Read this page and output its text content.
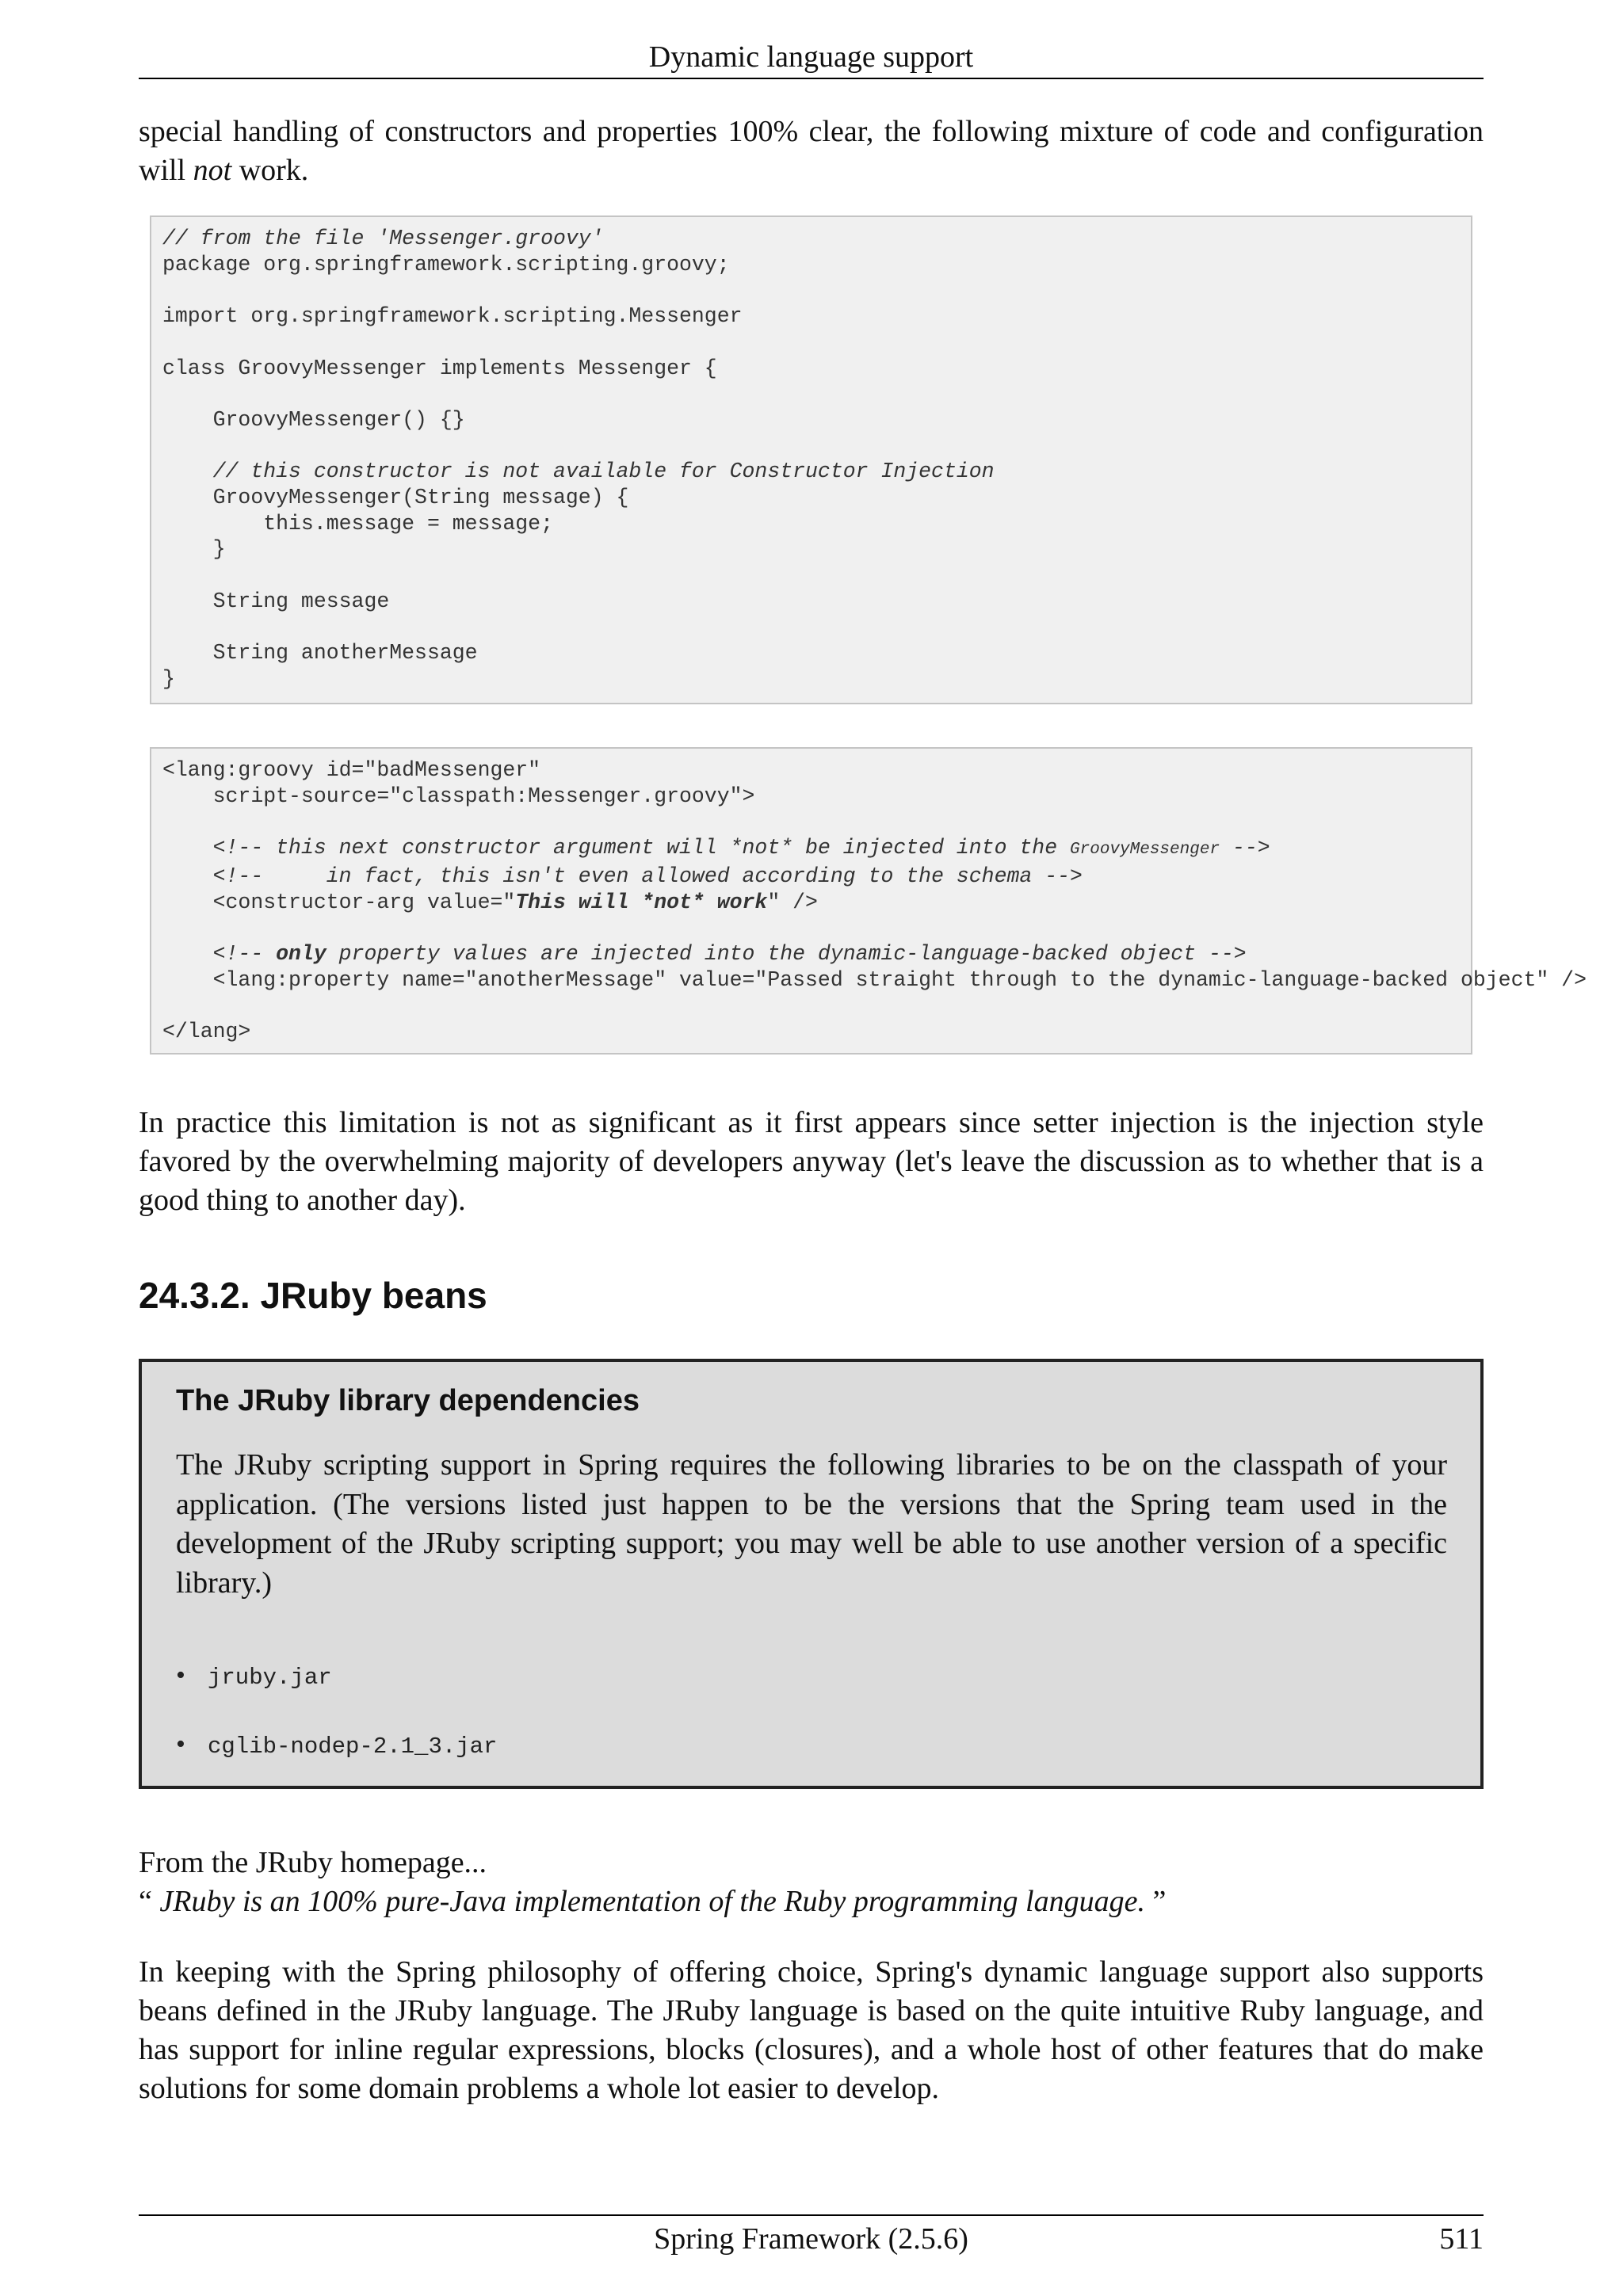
Dynamic language support

special handling of constructors and properties 100% clear, the following mixture of code and configuration will not work.

// from the file 'Messenger.groovy'
package org.springframework.scripting.groovy;

import org.springframework.scripting.Messenger

class GroovyMessenger implements Messenger {

GroovyMessenger() {}

// this constructor is not available for Constructor Injection
GroovyMessenger(String message) {
this.message = message;
}

String message

String anotherMessage
}
<lang:groovy id="badMessenger"
script-source="classpath:Messenger.groovy">

<!-- this next constructor argument will *not* be injected into the GroovyMessenger -->
<!--     in fact, this isn't even allowed according to the schema -->
<constructor-arg value="This will *not* work" />

<!-- only property values are injected into the dynamic-language-backed object -->
<lang:property name="anotherMessage" value="Passed straight through to the dynamic-language-backed object" />

</lang>

In practice this limitation is not as significant as it first appears since setter injection is the injection style favored by the overwhelming majority of developers anyway (let's leave the discussion as to whether that is a good thing to another day).

24.3.2. JRuby beans
The JRuby library dependencies

The JRuby scripting support in Spring requires the following libraries to be on the classpath of your application. (The versions listed just happen to be the versions that the Spring team used in the development of the JRuby scripting support; you may well be able to use another version of a specific library.)

• jruby.jar
• cglib-nodep-2.1_3.jar

From the JRuby homepage...

“ JRuby is an 100% pure-Java implementation of the Ruby programming language. ”

In keeping with the Spring philosophy of offering choice, Spring's dynamic language support also supports beans defined in the JRuby language. The JRuby language is based on the quite intuitive Ruby language, and has support for inline regular expressions, blocks (closures), and a whole host of other features that do make solutions for some domain problems a whole lot easier to develop.

Spring Framework (2.5.6)	511
